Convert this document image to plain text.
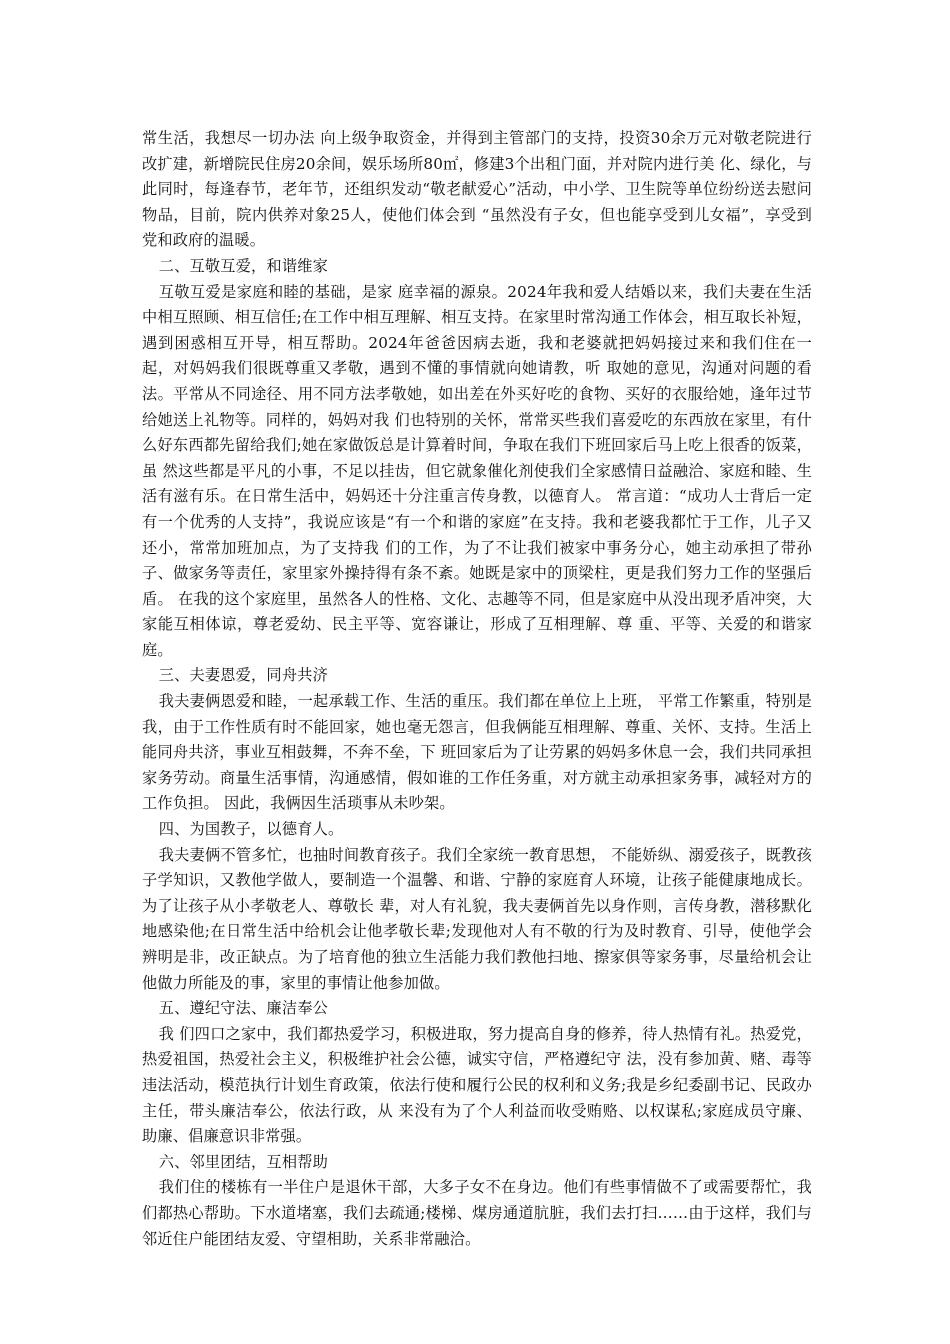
常生活，我想尽一切办法 向上级争取资金，并得到主管部门的支持，投资30余万元对敬老院进行改扩建，新增院民住房20余间，娱乐场所80㎡，修建3个出租门面，并对院内进行美 化、绿化，与此同时，每逢春节，老年节，还组织发动“敬老献爱心”活动，中小学、卫生院等单位纷纷送去慰问物品，目前，院内供养对象25人，使他们体会到 “虽然没有子女，但也能享受到儿女福”，享受到党和政府的温暖。

二、互敬互爱，和谐维家

互敬互爱是家庭和睦的基础，是家 庭幸福的源泉。2024年我和爱人结婚以来，我们夫妻在生活中相互照顾、相互信任;在工作中相互理解、相互支持。在家里时常沟通工作体会，相互取长补短， 遇到困惑相互开导，相互帮助。2024年爸爸因病去逝，我和老婆就把妈妈接过来和我们住在一起，对妈妈我们很既尊重又孝敬，遇到不懂的事情就向她请教，听 取她的意见，沟通对问题的看法。平常从不同途径、用不同方法孝敬她，如出差在外买好吃的食物、买好的衣服给她，逢年过节给她送上礼物等。同样的，妈妈对我 们也特别的关怀，常常买些我们喜爱吃的东西放在家里，有什么好东西都先留给我们;她在家做饭总是计算着时间，争取在我们下班回家后马上吃上很香的饭菜，虽 然这些都是平凡的小事，不足以挂齿，但它就象催化剂使我们全家感情日益融洽、家庭和睦、生活有滋有乐。在日常生活中，妈妈还十分注重言传身教，以德育人。 常言道：“成功人士背后一定有一个优秀的人支持”，我说应该是“有一个和谐的家庭”在支持。我和老婆我都忙于工作，儿子又还小，常常加班加点，为了支持我 们的工作，为了不让我们被家中事务分心，她主动承担了带孙子、做家务等责任，家里家外操持得有条不紊。她既是家中的顶梁柱，更是我们努力工作的坚强后盾。 在我的这个家庭里，虽然各人的性格、文化、志趣等不同，但是家庭中从没出现矛盾冲突，大家能互相体谅，尊老爱幼、民主平等、宽容谦让，形成了互相理解、尊 重、平等、关爱的和谐家庭。

三、夫妻恩爱，同舟共济

我夫妻俩恩爱和睦，一起承载工作、生活的重压。我们都在单位上上班， 平常工作繁重，特别是我，由于工作性质有时不能回家，她也毫无怨言，但我俩能互相理解、尊重、关怀、支持。生活上能同舟共济，事业互相鼓舞，不奔不垒，下 班回家后为了让劳累的妈妈多休息一会，我们共同承担家务劳动。商量生活事情，沟通感情，假如谁的工作任务重，对方就主动承担家务事，减轻对方的工作负担。 因此，我俩因生活琐事从未吵架。

四、为国教子，以德育人。

我夫妻俩不管多忙，也抽时间教育孩子。我们全家统一教育思想， 不能娇纵、溺爱孩子，既教孩子学知识，又教他学做人，要制造一个温馨、和谐、宁静的家庭育人环境，让孩子能健康地成长。为了让孩子从小孝敬老人、尊敬长 辈，对人有礼貌，我夫妻俩首先以身作则，言传身教，潜移默化地感染他;在日常生活中给机会让他孝敬长辈;发现他对人有不敬的行为及时教育、引导，使他学会 辨明是非，改正缺点。为了培育他的独立生活能力我们教他扫地、擦家俱等家务事，尽量给机会让他做力所能及的事，家里的事情让他参加做。

五、遵纪守法、廉洁奉公

我 们四口之家中，我们都热爱学习，积极进取，努力提高自身的修养，待人热情有礼。热爱党，热爱祖国，热爱社会主义，积极维护社会公德，诚实守信，严格遵纪守 法，没有参加黄、赌、毒等违法活动，模范执行计划生育政策，依法行使和履行公民的权利和义务;我是乡纪委副书记、民政办主任，带头廉洁奉公，依法行政，从 来没有为了个人利益而收受贿赂、以权谋私;家庭成员守廉、助廉、倡廉意识非常强。

六、邻里团结，互相帮助

我们住的楼栋有一半住户是退休干部，大多子女不在身边。他们有些事情做不了或需要帮忙，我们都热心帮助。下水道堵塞，我们去疏通;楼梯、煤房通道肮脏，我们去打扫……由于这样，我们与邻近住户能团结友爱、守望相助，关系非常融洽。
